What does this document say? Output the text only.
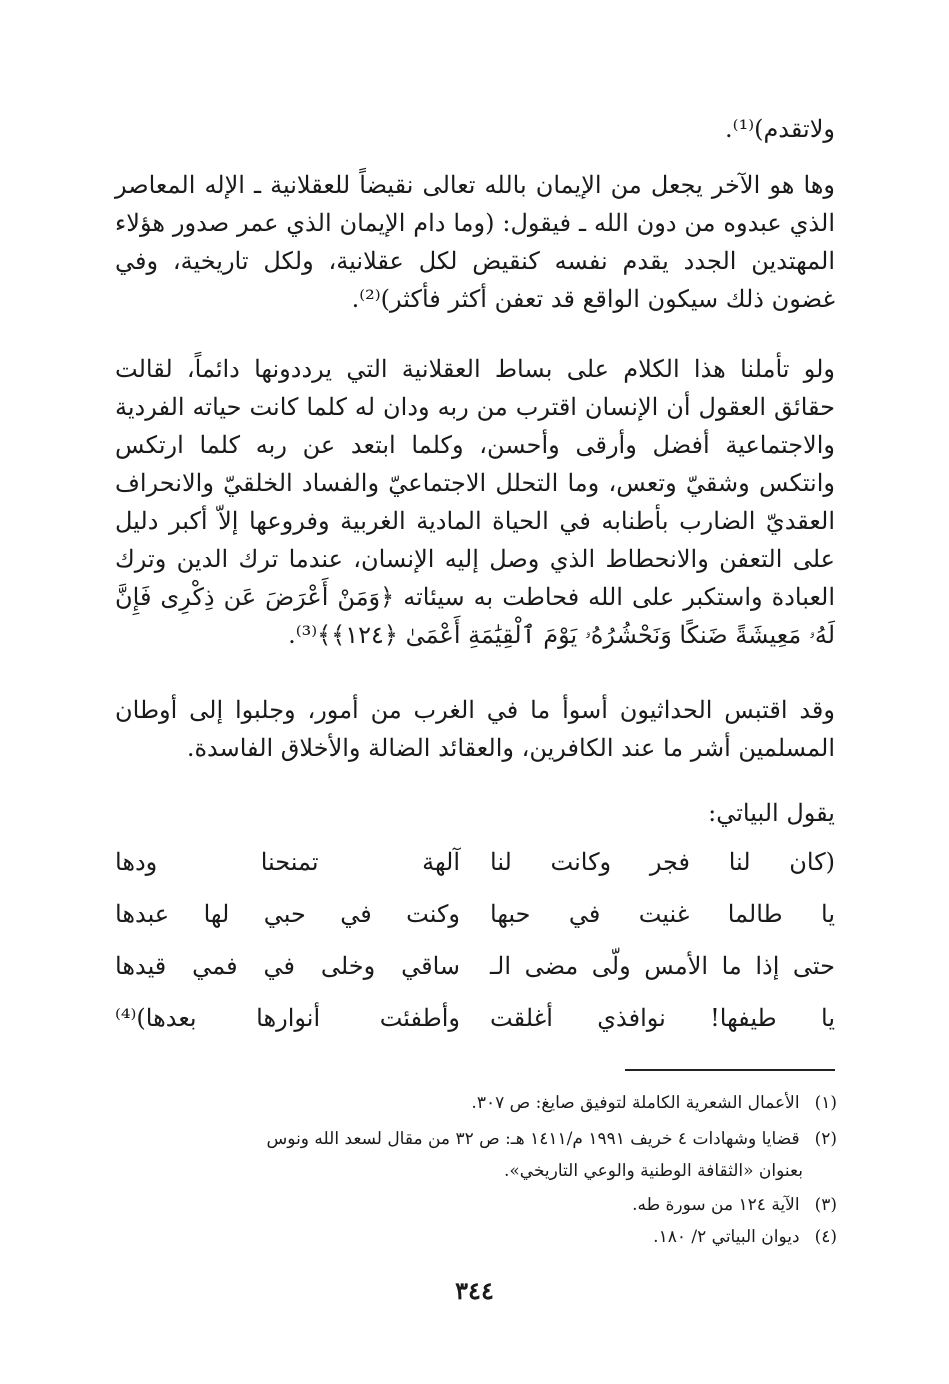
ولاتقدم)⁽¹⁾.
وها هو الآخر يجعل من الإيمان بالله تعالى نقيضاً للعقلانية ـ الإله المعاصر الذي عبدوه من دون الله ـ فيقول: (وما دام الإيمان الذي عمر صدور هؤلاء المهتدين الجدد يقدم نفسه كنقيض لكل عقلانية، ولكل تاريخية، وفي غضون ذلك سيكون الواقع قد تعفن أكثر فأكثر)⁽²⁾.
ولو تأملنا هذا الكلام على بساط العقلانية التي يرددونها دائماً، لقالت حقائق العقول أن الإنسان اقترب من ربه ودان له كلما كانت حياته الفردية والاجتماعية أفضل وأرقى وأحسن، وكلما ابتعد عن ربه كلما ارتكس وانتكس وشقيّ وتعس، وما التحلل الاجتماعيّ والفساد الخلقيّ والانحراف العقديّ الضارب بأطنابه في الحياة المادية الغربية وفروعها إلاّ أكبر دليل على التعفن والانحطاط الذي وصل إليه الإنسان، عندما ترك الدين وترك العبادة واستكبر على الله فحاطت به سيئاته ﴿وَمَنْ أَعْرَضَ عَن ذِكْرِى فَإِنَّ لَهُۥ مَعِيشَةً ضَنكًا وَنَحْشُرُهُۥ يَوْمَ ٱلْقِيَٰمَةِ أَعْمَىٰ ﴿١٢٤﴾﴾⁽³⁾.
وقد اقتبس الحداثيون أسوأ ما في الغرب من أمور، وجلبوا إلى أوطان المسلمين أشر ما عند الكافرين، والعقائد الضالة والأخلاق الفاسدة.
يقول البياتي:
(كان لنا فجر وكانت لنا
آلهة تمنحنا ودها
يا طالما غنيت في حبها
وكنت في حبي لها عبدها
حتى إذا ما الأمس ولّى مضى الـ
ساقي وخلى في فمي قيدها
يا طيفها! نوافذي أغلقت
وأطفئت أنوارها بعدها)⁽⁴⁾
(١) الأعمال الشعرية الكاملة لتوفيق صايغ: ص ٣٠٧.
(٢) قضايا وشهادات ٤ خريف ١٩٩١ م/١٤١١ هـ: ص ٣٢ من مقال لسعد الله ونوس
بعنوان «الثقافة الوطنية والوعي التاريخي».
(٣) الآية ١٢٤ من سورة طه.
(٤) ديوان البياتي ٢/ ١٨٠.
٣٤٤
